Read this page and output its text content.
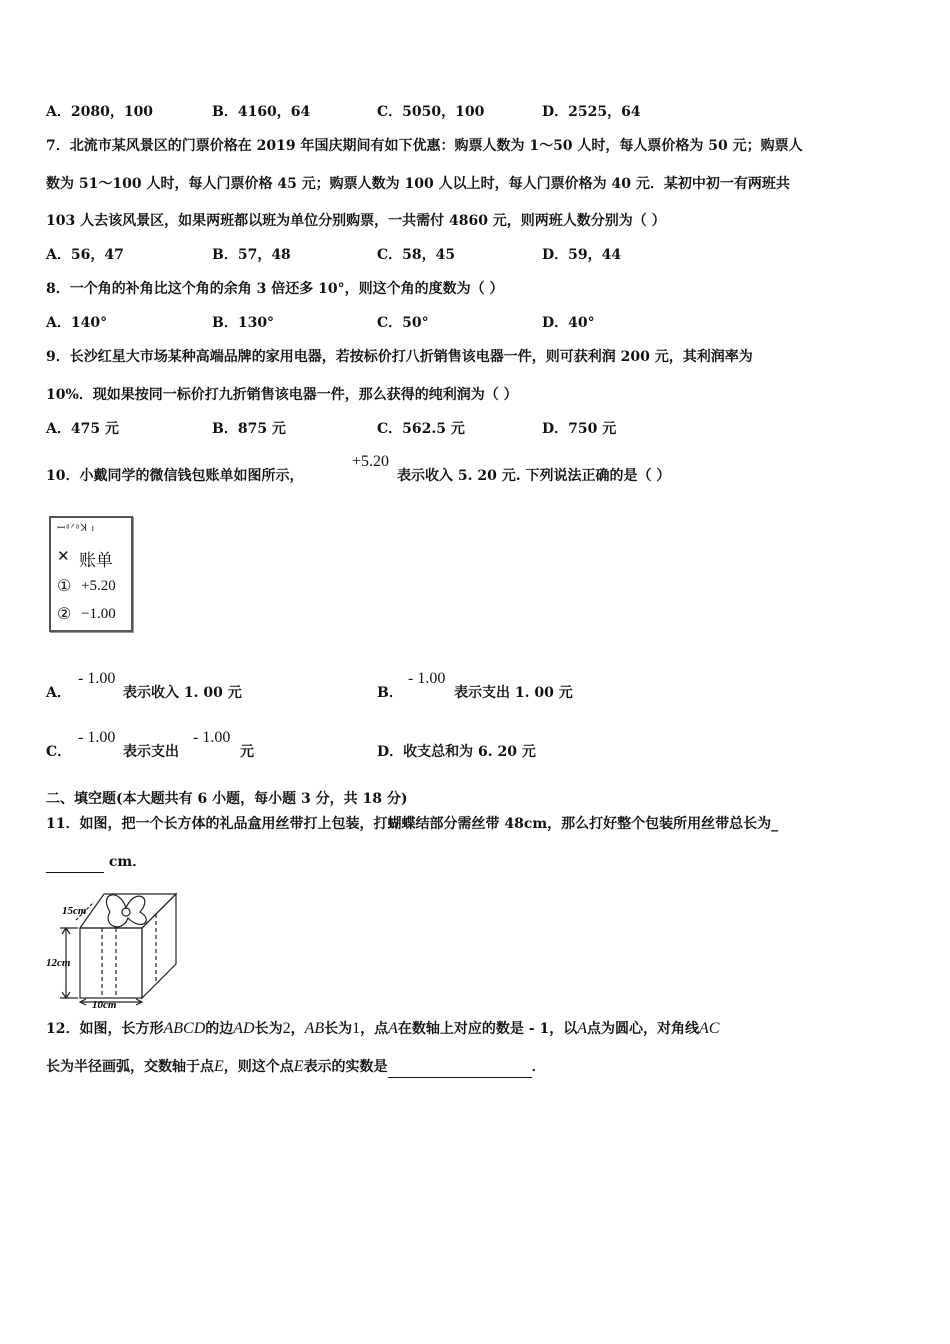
A．2080，100	B．4160，64	C．5050，100	D．2525，64
7．北流市某风景区的门票价格在 2019 年国庆期间有如下优惠：购票人数为 1～50 人时，每人票价格为 50 元；购票人
数为 51～100 人时，每人门票价格 45 元；购票人数为 100 人以上时，每人门票价格为 40 元．某初中初一有两班共
103 人去该风景区，如果两班都以班为单位分别购票，一共需付 4860 元，则两班人数分别为（ ）
A．56，47	B．57，48	C．58，45	D．59，44
8．一个角的补角比这个角的余角 3 倍还多 10°，则这个角的度数为（ ）
A．140°	B．130°	C．50°	D．40°
9．长沙红星大市场某种高端品牌的家用电器，若按标价打八折销售该电器一件，则可获利润 200 元，其利润率为
10%．现如果按同一标价打九折销售该电器一件，那么获得的纯利润为（ ）
A．475 元	B．875 元	C．562.5 元	D．750 元
10．小戴同学的微信钱包账单如图所示，
+5.20
表示收入 5. 20 元. 下列说法正确的是（ ）
ꟷ⁸ᐟ⁸ꓘ ɪ
✕ 账单
① +5.20
② −1.00
A．
- 1.00
表示收入 1. 00 元	B．
- 1.00
表示支出 1. 00 元
C．
- 1.00
表示支出
- 1.00
元	D．收支总和为 6. 20 元
二、填空题(本大题共有 6 小题，每小题 3 分，共 18 分)
11．如图，把一个长方体的礼品盒用丝带打上包装，打蝴蝶结部分需丝带 48cm，那么打好整个包装所用丝带总长为_
cm．
15cm
12cm
10cm
12．如图，长方形ABCD的边AD长为2，AB长为1，点A在数轴上对应的数是 - 1，以A点为圆心，对角线AC
长为半径画弧，交数轴于点E，则这个点E表示的实数是	．
